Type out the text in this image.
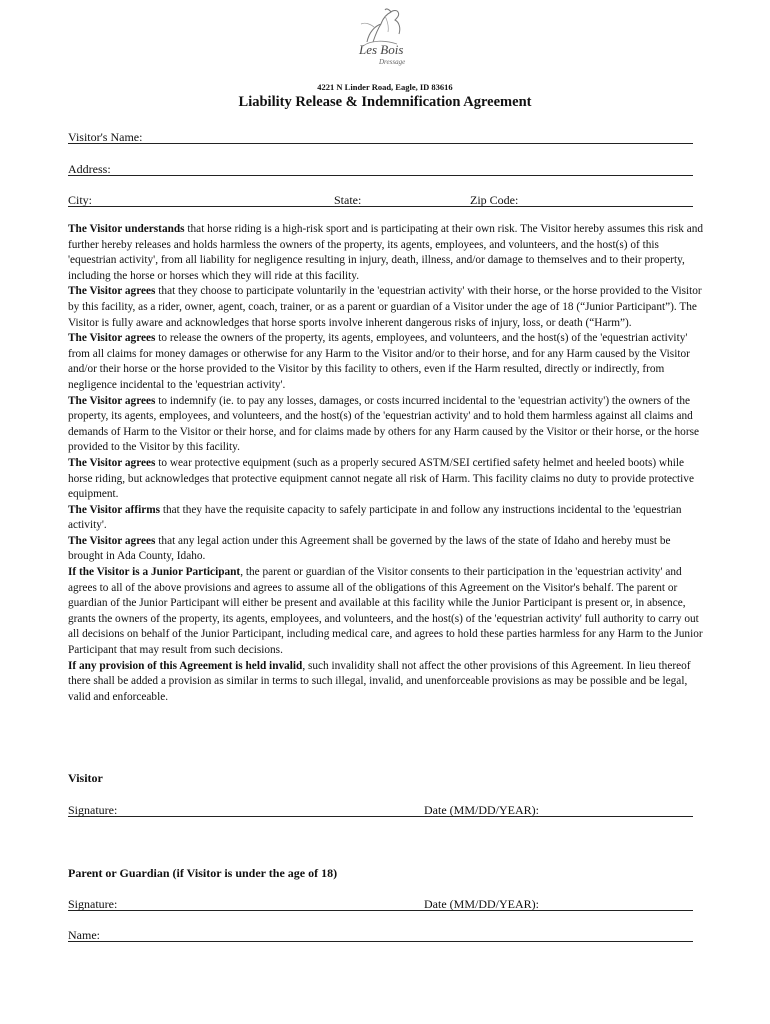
Les Bois
Dressage
4221 N Linder Road, Eagle, ID 83616
Liability Release & Indemnification Agreement
Visitor's Name:
Address:
City:	State:	Zip Code:

The Visitor understands that horse riding is a high-risk sport and is participating at their own risk. The Visitor hereby assumes this risk and further hereby releases and holds harmless the owners of the property, its agents, employees, and volunteers, and the host(s) of this 'equestrian activity', from all liability for negligence resulting in injury, death, illness, and/or damage to themselves and to their property, including the horse or horses which they will ride at this facility.

The Visitor agrees that they choose to participate voluntarily in the 'equestrian activity' with their horse, or the horse provided to the Visitor by this facility, as a rider, owner, agent, coach, trainer, or as a parent or guardian of a Visitor under the age of 18 (“Junior Participant”). The Visitor is fully aware and acknowledges that horse sports involve inherent dangerous risks of injury, loss, or death (“Harm”).

The Visitor agrees to release the owners of the property, its agents, employees, and volunteers, and the host(s) of the 'equestrian activity' from all claims for money damages or otherwise for any Harm to the Visitor and/or to their horse, and for any Harm caused by the Visitor and/or their horse or the horse provided to the Visitor by this facility to others, even if the Harm resulted, directly or indirectly, from negligence incidental to the 'equestrian activity'.

The Visitor agrees to indemnify (ie. to pay any losses, damages, or costs incurred incidental to the 'equestrian activity') the owners of the property, its agents, employees, and volunteers, and the host(s) of the 'equestrian activity' and to hold them harmless against all claims and demands of Harm to the Visitor or their horse, and for claims made by others for any Harm caused by the Visitor or their horse, or the horse provided to the Visitor by this facility.

The Visitor agrees to wear protective equipment (such as a properly secured ASTM/SEI certified safety helmet and heeled boots) while horse riding, but acknowledges that protective equipment cannot negate all risk of Harm. This facility claims no duty to provide protective equipment.

The Visitor affirms that they have the requisite capacity to safely participate in and follow any instructions incidental to the 'equestrian activity'.

The Visitor agrees that any legal action under this Agreement shall be governed by the laws of the state of Idaho and hereby must be brought in Ada County, Idaho.

If the Visitor is a Junior Participant, the parent or guardian of the Visitor consents to their participation in the 'equestrian activity' and agrees to all of the above provisions and agrees to assume all of the obligations of this Agreement on the Visitor's behalf. The parent or guardian of the Junior Participant will either be present and available at this facility while the Junior Participant is present or, in absence, grants the owners of the property, its agents, employees, and volunteers, and the host(s) of the 'equestrian activity' full authority to carry out all decisions on behalf of the Junior Participant, including medical care, and agrees to hold these parties harmless for any Harm to the Junior Participant that may result from such decisions.

If any provision of this Agreement is held invalid, such invalidity shall not affect the other provisions of this Agreement. In lieu thereof there shall be added a provision as similar in terms to such illegal, invalid, and unenforceable provisions as may be possible and be legal, valid and enforceable.

Visitor
Signature:	Date (MM/DD/YEAR):
Parent or Guardian (if Visitor is under the age of 18)
Signature:	Date (MM/DD/YEAR):
Name:
